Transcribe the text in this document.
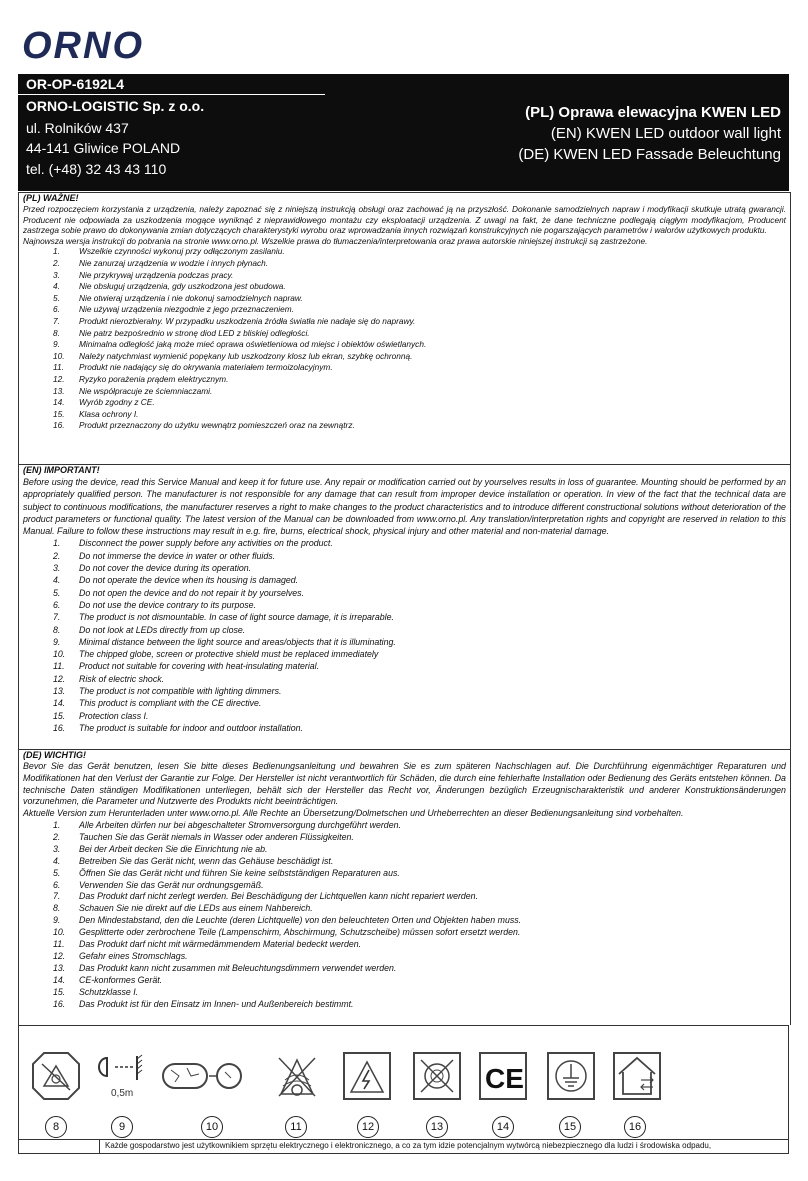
ORNO
OR-OP-6192L4
ORNO-LOGISTIC Sp. z o.o.
ul. Rolników 437
44-141 Gliwice POLAND
tel. (+48) 32 43 43 110
(PL) Oprawa elewacyjna KWEN LED
(EN) KWEN LED outdoor wall light
(DE) KWEN LED Fassade Beleuchtung
(PL) WAŻNE!
Przed rozpoczęciem korzystania z urządzenia, należy zapoznać się z niniejszą instrukcją obsługi oraz zachować ją na przyszłość. Dokonanie samodzielnych napraw i modyfikacji skutkuje utratą gwarancji. Producent nie odpowiada za uszkodzenia mogące wyniknąć z nieprawidłowego montażu czy eksploatacji urządzenia. Z uwagi na fakt, że dane techniczne podlegają ciągłym modyfikacjom, Producent zastrzega sobie prawo do dokonywania zmian dotyczących charakterystyki wyrobu oraz wprowadzania innych rozwiązań konstrukcyjnych nie pogarszających parametrów i walorów użytkowych produktu.
Najnowsza wersja instrukcji do pobrania na stronie www.orno.pl. Wszelkie prawa do tłumaczenia/interpretowania oraz prawa autorskie niniejszej instrukcji są zastrzeżone.
1.	Wszelkie czynności wykonuj przy odłączonym zasilaniu.
2.	Nie zanurzaj urządzenia w wodzie i innych płynach.
3.	Nie przykrywaj urządzenia podczas pracy.
4.	Nie obsługuj urządzenia, gdy uszkodzona jest obudowa.
5.	Nie otwieraj urządzenia i nie dokonuj samodzielnych napraw.
6.	Nie używaj urządzenia niezgodnie z jego przeznaczeniem.
7.	Produkt nierozbieralny. W przypadku uszkodzenia źródła światła nie nadaje się do naprawy.
8.	Nie patrz bezpośrednio w stronę diod LED z bliskiej odległości.
9.	Minimalna odległość jaką może mieć oprawa oświetleniowa od miejsc i obiektów oświetlanych.
10.	Należy natychmiast wymienić popękany lub uszkodzony klosz lub ekran, szybkę ochronną.
11.	Produkt nie nadający się do okrywania materiałem termoizolacyjnym.
12.	Ryzyko porażenia prądem elektrycznym.
13.	Nie współpracuje ze ściemniaczami.
14.	Wyrób zgodny z CE.
15.	Klasa ochrony I.
16.	Produkt przeznaczony do użytku wewnątrz pomieszczeń oraz na zewnątrz.
(EN) IMPORTANT!
Before using the device, read this Service Manual and keep it for future use. Any repair or modification carried out by yourselves results in loss of guarantee. Mounting should be performed by an appropriately qualified person. The manufacturer is not responsible for any damage that can result from improper device installation or operation. In view of the fact that the technical data are subject to continuous modifications, the manufacturer reserves a right to make changes to the product characteristics and to introduce different constructional solutions without deterioration of the product parameters or functional quality. The latest version of the Manual can be downloaded from www.orno.pl. Any translation/interpretation rights and copyright are reserved in relation to this Manual. Failure to follow these instructions may result in e.g. fire, burns, electrical shock, physical injury and other material and non-material damage.
1.	Disconnect the power supply before any activities on the product.
2.	Do not immerse the device in water or other fluids.
3.	Do not cover the device during its operation.
4.	Do not operate the device when its housing is damaged.
5.	Do not open the device and do not repair it by yourselves.
6.	Do not use the device contrary to its purpose.
7.	The product is not dismountable. In case of light source damage, it is irreparable.
8.	Do not look at LEDs directly from up close.
9.	Minimal distance between the light source and areas/objects that it is illuminating.
10.	The chipped globe, screen or protective shield must be replaced immediately
11.	Product not suitable for covering with heat-insulating material.
12.	Risk of electric shock.
13.	The product is not compatible with lighting dimmers.
14.	This product is compliant with the CE directive.
15.	Protection class I.
16.	The product is suitable for indoor and outdoor installation.
(DE) WICHTIG!
Bevor Sie das Gerät benutzen, lesen Sie bitte dieses Bedienungsanleitung und bewahren Sie es zum späteren Nachschlagen auf. Die Durchführung eigenmächtiger Reparaturen und Modifikationen hat den Verlust der Garantie zur Folge. Der Hersteller ist nicht verantwortlich für Schäden, die durch eine fehlerhafte Installation oder Bedienung des Geräts entstehen können. Da technische Daten ständigen Modifikationen unterliegen, behält sich der Hersteller das Recht vor, Änderungen bezüglich Erzeugnischarakteristik und anderer Konstruktionsänderungen vorzunehmen, die Parameter und Nutzwerte des Produkts nicht beeinträchtigen.
Aktuelle Version zum Herunterladen unter www.orno.pl. Alle Rechte an Übersetzung/Dolmetschen und Urheberrechten an dieser Bedienungsanleitung sind vorbehalten.
1.	Alle Arbeiten dürfen nur bei abgeschalteter Stromversorgung durchgeführt werden.
2.	Tauchen Sie das Gerät niemals in Wasser oder anderen Flüssigkeiten.
3.	Bei der Arbeit decken Sie die Einrichtung nie ab.
4.	Betreiben Sie das Gerät nicht, wenn das Gehäuse beschädigt ist.
5.	Öffnen Sie das Gerät nicht und führen Sie keine selbstständigen Reparaturen aus.
6.	Verwenden Sie das Gerät nur ordnungsgemäß.
7.	Das Produkt darf nicht zerlegt werden. Bei Beschädigung der Lichtquellen kann nicht repariert werden.
8.	Schauen Sie nie direkt auf die LEDs aus einem Nahbereich.
9.	Den Mindestabstand, den die Leuchte (deren Lichtquelle) von den beleuchteten Orten und Objekten haben muss.
10.	Gesplitterte oder zerbrochene Teile (Lampenschirm, Abschirmung, Schutzscheibe) müssen sofort ersetzt werden.
11.	Das Produkt darf nicht mit wärmedämmendem Material bedeckt werden.
12.	Gefahr eines Stromschlags.
13.	Das Produkt kann nicht zusammen mit Beleuchtungsdimmern verwendet werden.
14.	CE-konformes Gerät.
15.	Schutzklasse I.
16.	Das Produkt ist für den Einsatz im Innen- und Außenbereich bestimmt.
0,5m	CE
8	9	10	11	12	13	14	15	16
Każde gospodarstwo jest użytkownikiem sprzętu elektrycznego i elektronicznego, a co za tym idzie potencjalnym wytwórcą niebezpiecznego dla ludzi i środowiska odpadu,
